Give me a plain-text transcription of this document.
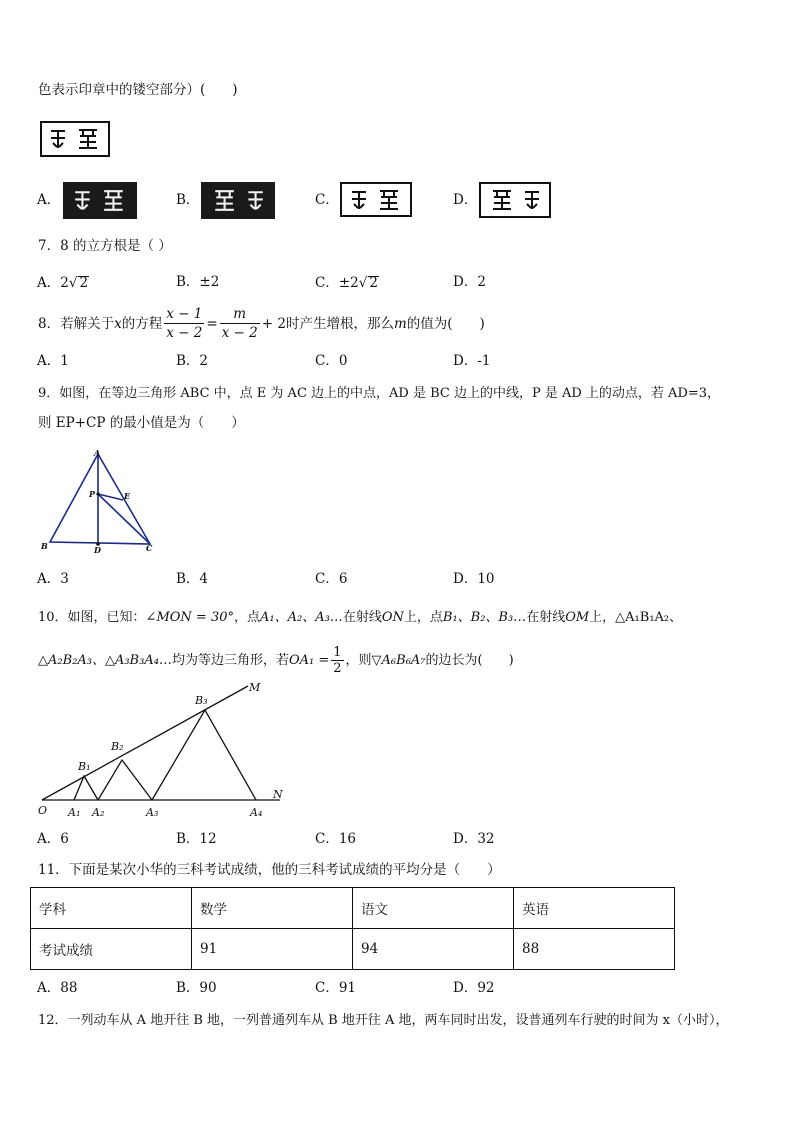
色表示印章中的镂空部分）(　　)
A．	B．	C．	D．
7．8 的立方根是（ ）
A．2√ 2	B．±2	C．±2√ 2	D．2
8．若解关于 x 的方程 $\frac{x - 1}{x - 2} = \frac{m}{x - 2} + 2$ 时产生增根，那么 m 的值为(　　)
A．1	B．2	C．0	D．-1
9．如图，在等边三角形 ABC 中，点 E 为 AC 边上的中点，AD 是 BC 边上的中线，P 是 AD 上的动点，若 AD=3，
则 EP+CP 的最小值是为（　　）
A
B	C
D
E
P
A．3	B．4	C．6	D．10
10．如图，已知：∠MON = 30°，点A₁、A₂、A₃…在射线ON上，点B₁、B₂、B₃…在射线OM上，△A₁B₁A₂、
△A₂B₂A₃、△A₃B₃A₄… 均为等边三角形，若 $OA_1 = \frac{1}{2}$ ，则 ▽A₆B₆A₇ 的边长为(　　)
M
N
O A₁ A₂	A₃	A₄
B₁
B₂
B₃
A．6	B．12	C．16	D．32
11．下面是某次小华的三科考试成绩，他的三科考试成绩的平均分是（　　）
学科	数学	语文	英语
考试成绩	91	94	88
A．88	B．90	C．91	D．92
12．一列动车从 A 地开往 B 地，一列普通列车从 B 地开往 A 地，两车同时出发，设普通列车行驶的时间为 x（小时），
